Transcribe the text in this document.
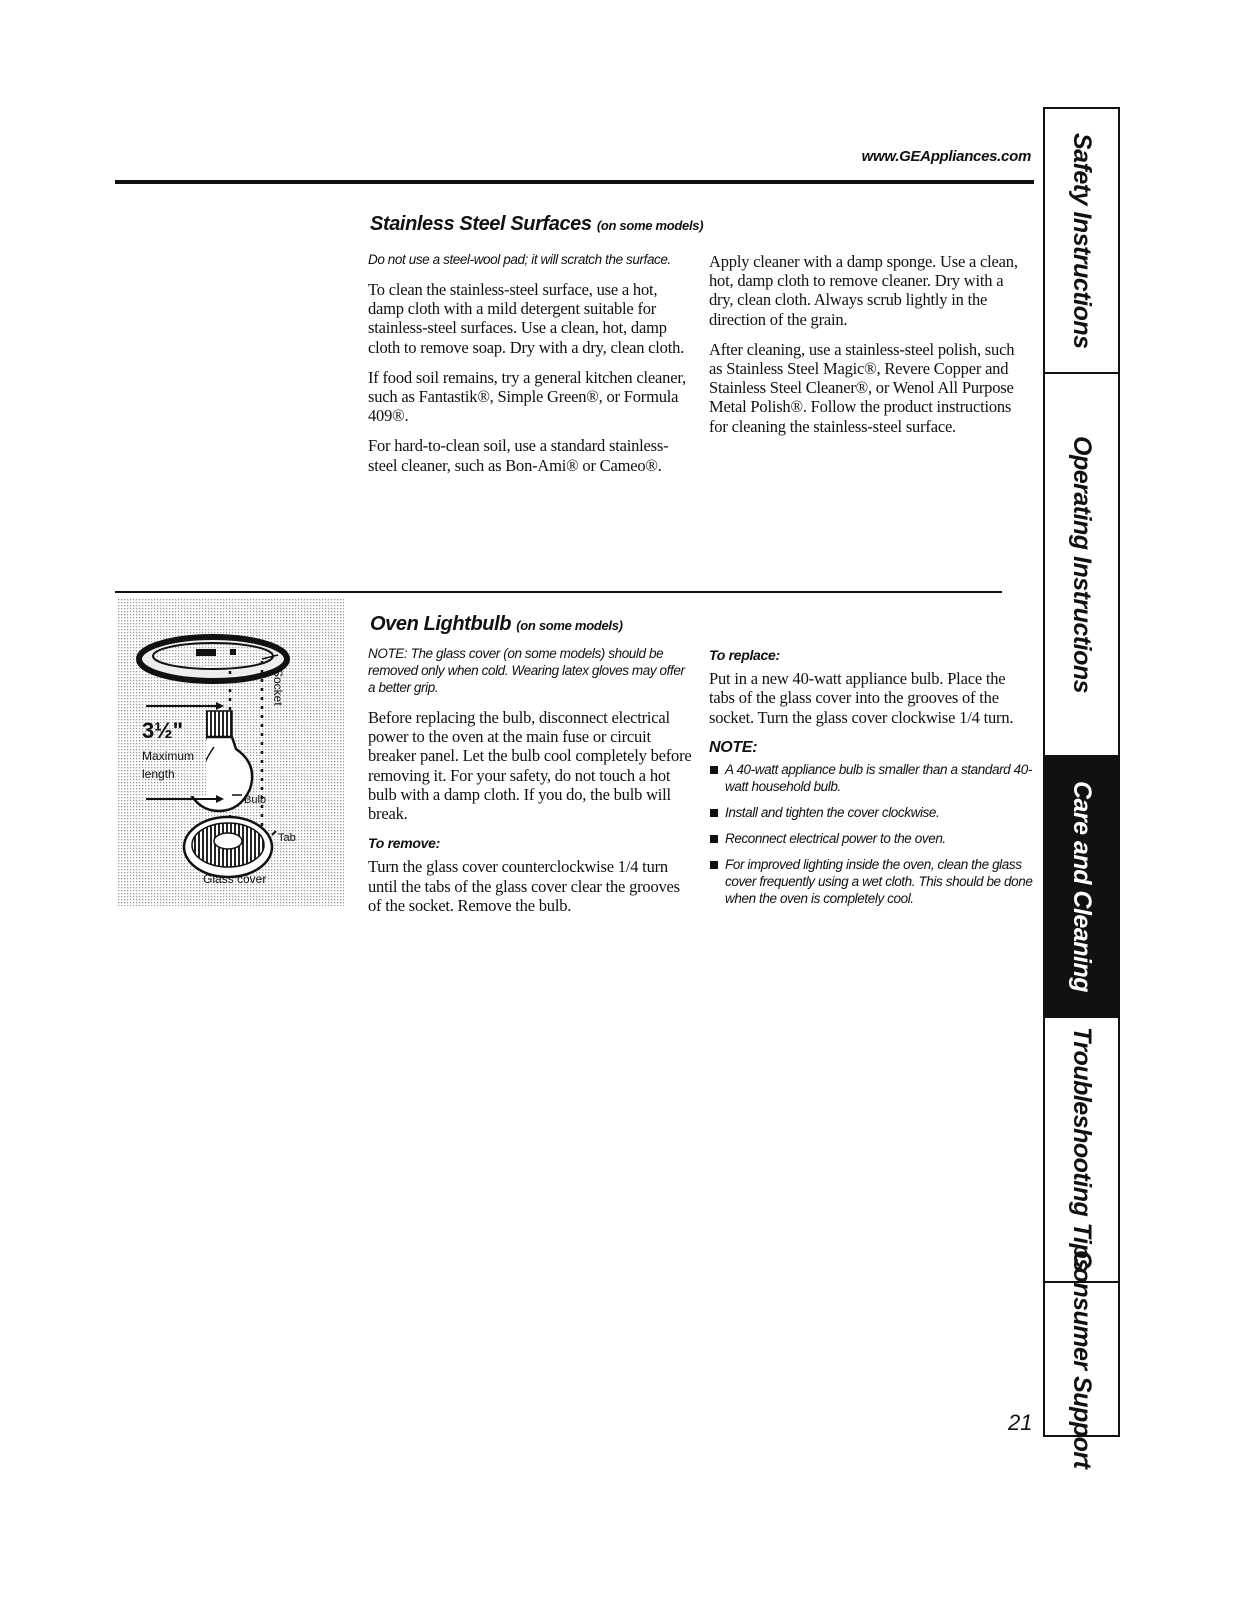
www.GEAppliances.com
Stainless Steel Surfaces (on some models)

Do not use a steel-wool pad; it will scratch the surface.

To clean the stainless-steel surface, use a hot, damp cloth with a mild detergent suitable for stainless-steel surfaces. Use a clean, hot, damp cloth to remove soap. Dry with a dry, clean cloth.

If food soil remains, try a general kitchen cleaner, such as Fantastik®, Simple Green®, or Formula 409®.

For hard-to-clean soil, use a standard stainless-steel cleaner, such as Bon-Ami® or Cameo®.

Apply cleaner with a damp sponge. Use a clean, hot, damp cloth to remove cleaner. Dry with a dry, clean cloth. Always scrub lightly in the direction of the grain.

After cleaning, use a stainless-steel polish, such as Stainless Steel Magic®, Revere Copper and Stainless Steel Cleaner®, or Wenol All Purpose Metal Polish®. Follow the product instructions for cleaning the stainless-steel surface.

3½"
Maximum
length
Socket
Bulb
Tab
Glass cover
Oven Lightbulb (on some models)

NOTE: The glass cover (on some models) should be removed only when cold. Wearing latex gloves may offer a better grip.

Before replacing the bulb, disconnect electrical power to the oven at the main fuse or circuit breaker panel. Let the bulb cool completely before removing it. For your safety, do not touch a hot bulb with a damp cloth. If you do, the bulb will break.

To remove:

Turn the glass cover counterclockwise 1/4 turn until the tabs of the glass cover clear the grooves of the socket. Remove the bulb.

To replace:

Put in a new 40-watt appliance bulb. Place the tabs of the glass cover into the grooves of the socket. Turn the glass cover clockwise 1/4 turn.

NOTE:

A 40-watt appliance bulb is smaller than a standard 40-watt household bulb.
Install and tighten the cover clockwise.
Reconnect electrical power to the oven.
For improved lighting inside the oven, clean the glass cover frequently using a wet cloth. This should be done when the oven is completely cool.
Safety Instructions
Operating Instructions
Care and Cleaning
Troubleshooting Tips
Consumer Support
21
